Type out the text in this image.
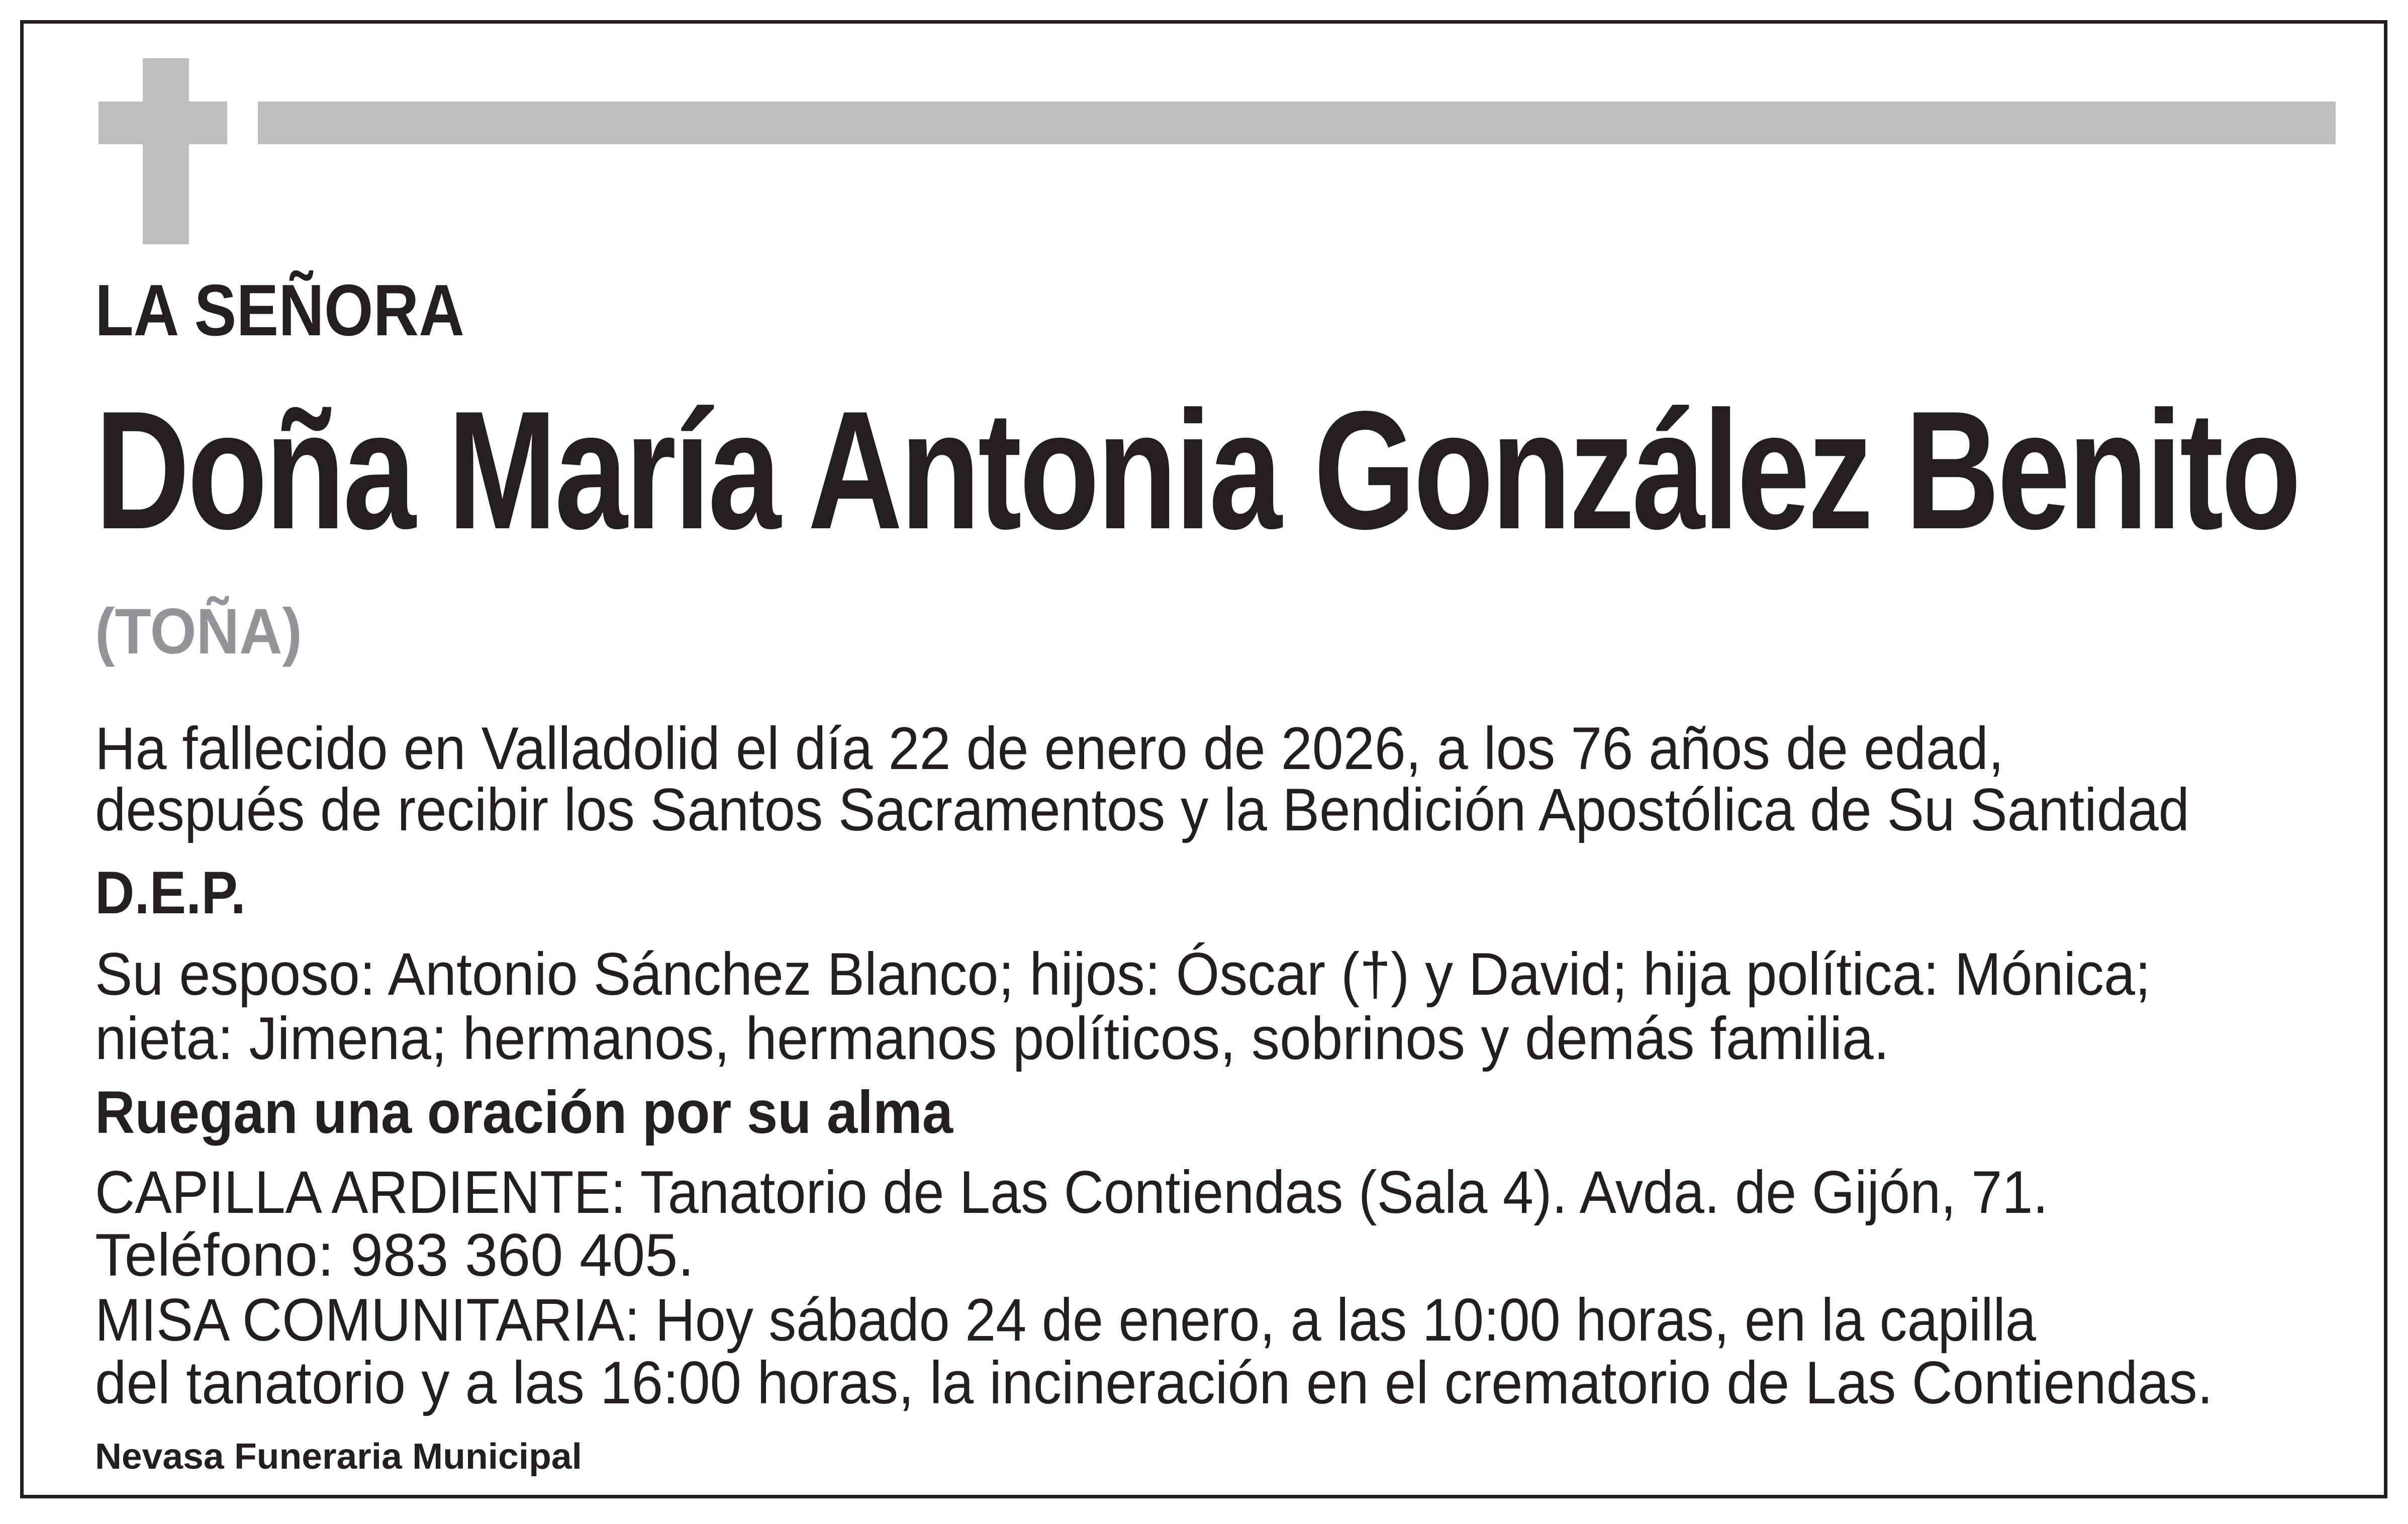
LA SEÑORA
Doña María Antonia González Benito
(TOÑA)
Ha fallecido en Valladolid el día 22 de enero de 2026, a los 76 años de edad,
después de recibir los Santos Sacramentos y la Bendición Apostólica de Su Santidad
D.E.P.
Su esposo: Antonio Sánchez Blanco; hijos: Óscar (†) y David; hija política: Mónica;
nieta: Jimena; hermanos, hermanos políticos, sobrinos y demás familia.
Ruegan una oración por su alma
CAPILLA ARDIENTE: Tanatorio de Las Contiendas (Sala 4). Avda. de Gijón, 71.
Teléfono: 983 360 405.
MISA COMUNITARIA: Hoy sábado 24 de enero, a las 10:00 horas, en la capilla
del tanatorio y a las 16:00 horas, la incineración en el crematorio de Las Contiendas.
Nevasa Funeraria Municipal
